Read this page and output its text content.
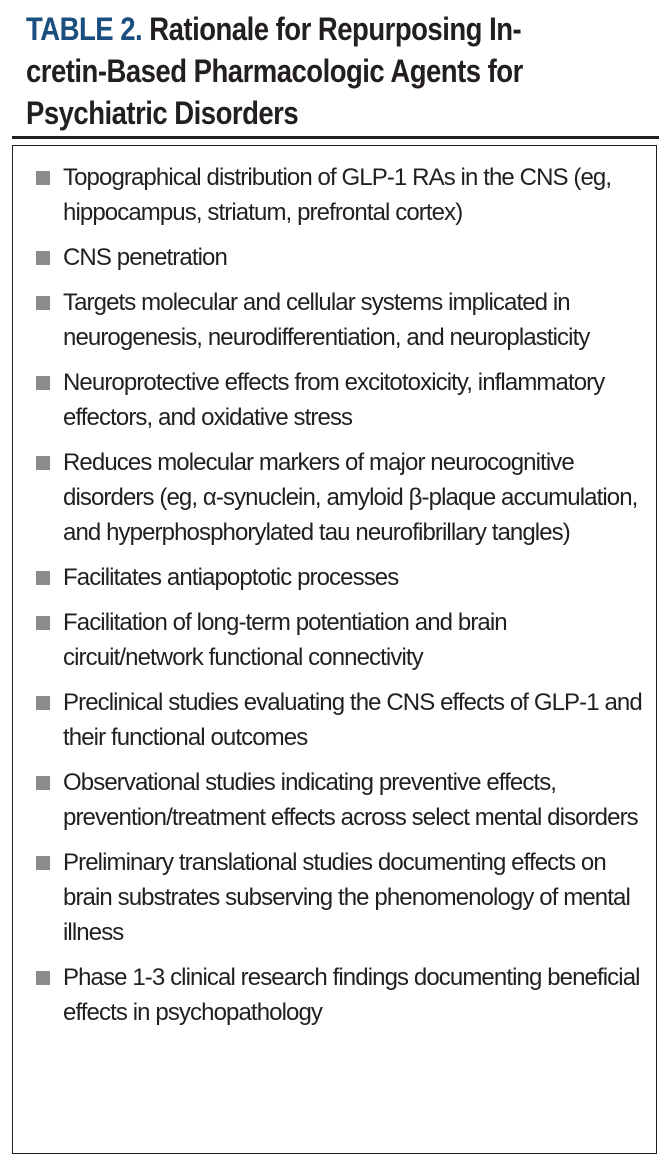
TABLE 2. Rationale for Repurposing In-
cretin-Based Pharmacologic Agents for
Psychiatric Disorders
Topographical distribution of GLP-1 RAs in the CNS (eg, hippocampus, striatum, prefrontal cortex)
CNS penetration
Targets molecular and cellular systems implicated in neurogenesis, neurodifferentiation, and neuroplasticity
Neuroprotective effects from excitotoxicity, inflammatory effectors, and oxidative stress
Reduces molecular markers of major neurocognitive disorders (eg, α-synuclein, amyloid β-plaque accumulation, and hyperphosphorylated tau neurofibrillary tangles)
Facilitates antiapoptotic processes
Facilitation of long-term potentiation and brain circuit/network functional connectivity
Preclinical studies evaluating the CNS effects of GLP-1 and their functional outcomes
Observational studies indicating preventive effects, prevention/treatment effects across select mental disorders
Preliminary translational studies documenting effects on brain substrates subserving the phenomenology of mental illness
Phase 1-3 clinical research findings documenting beneficial effects in psychopathology
